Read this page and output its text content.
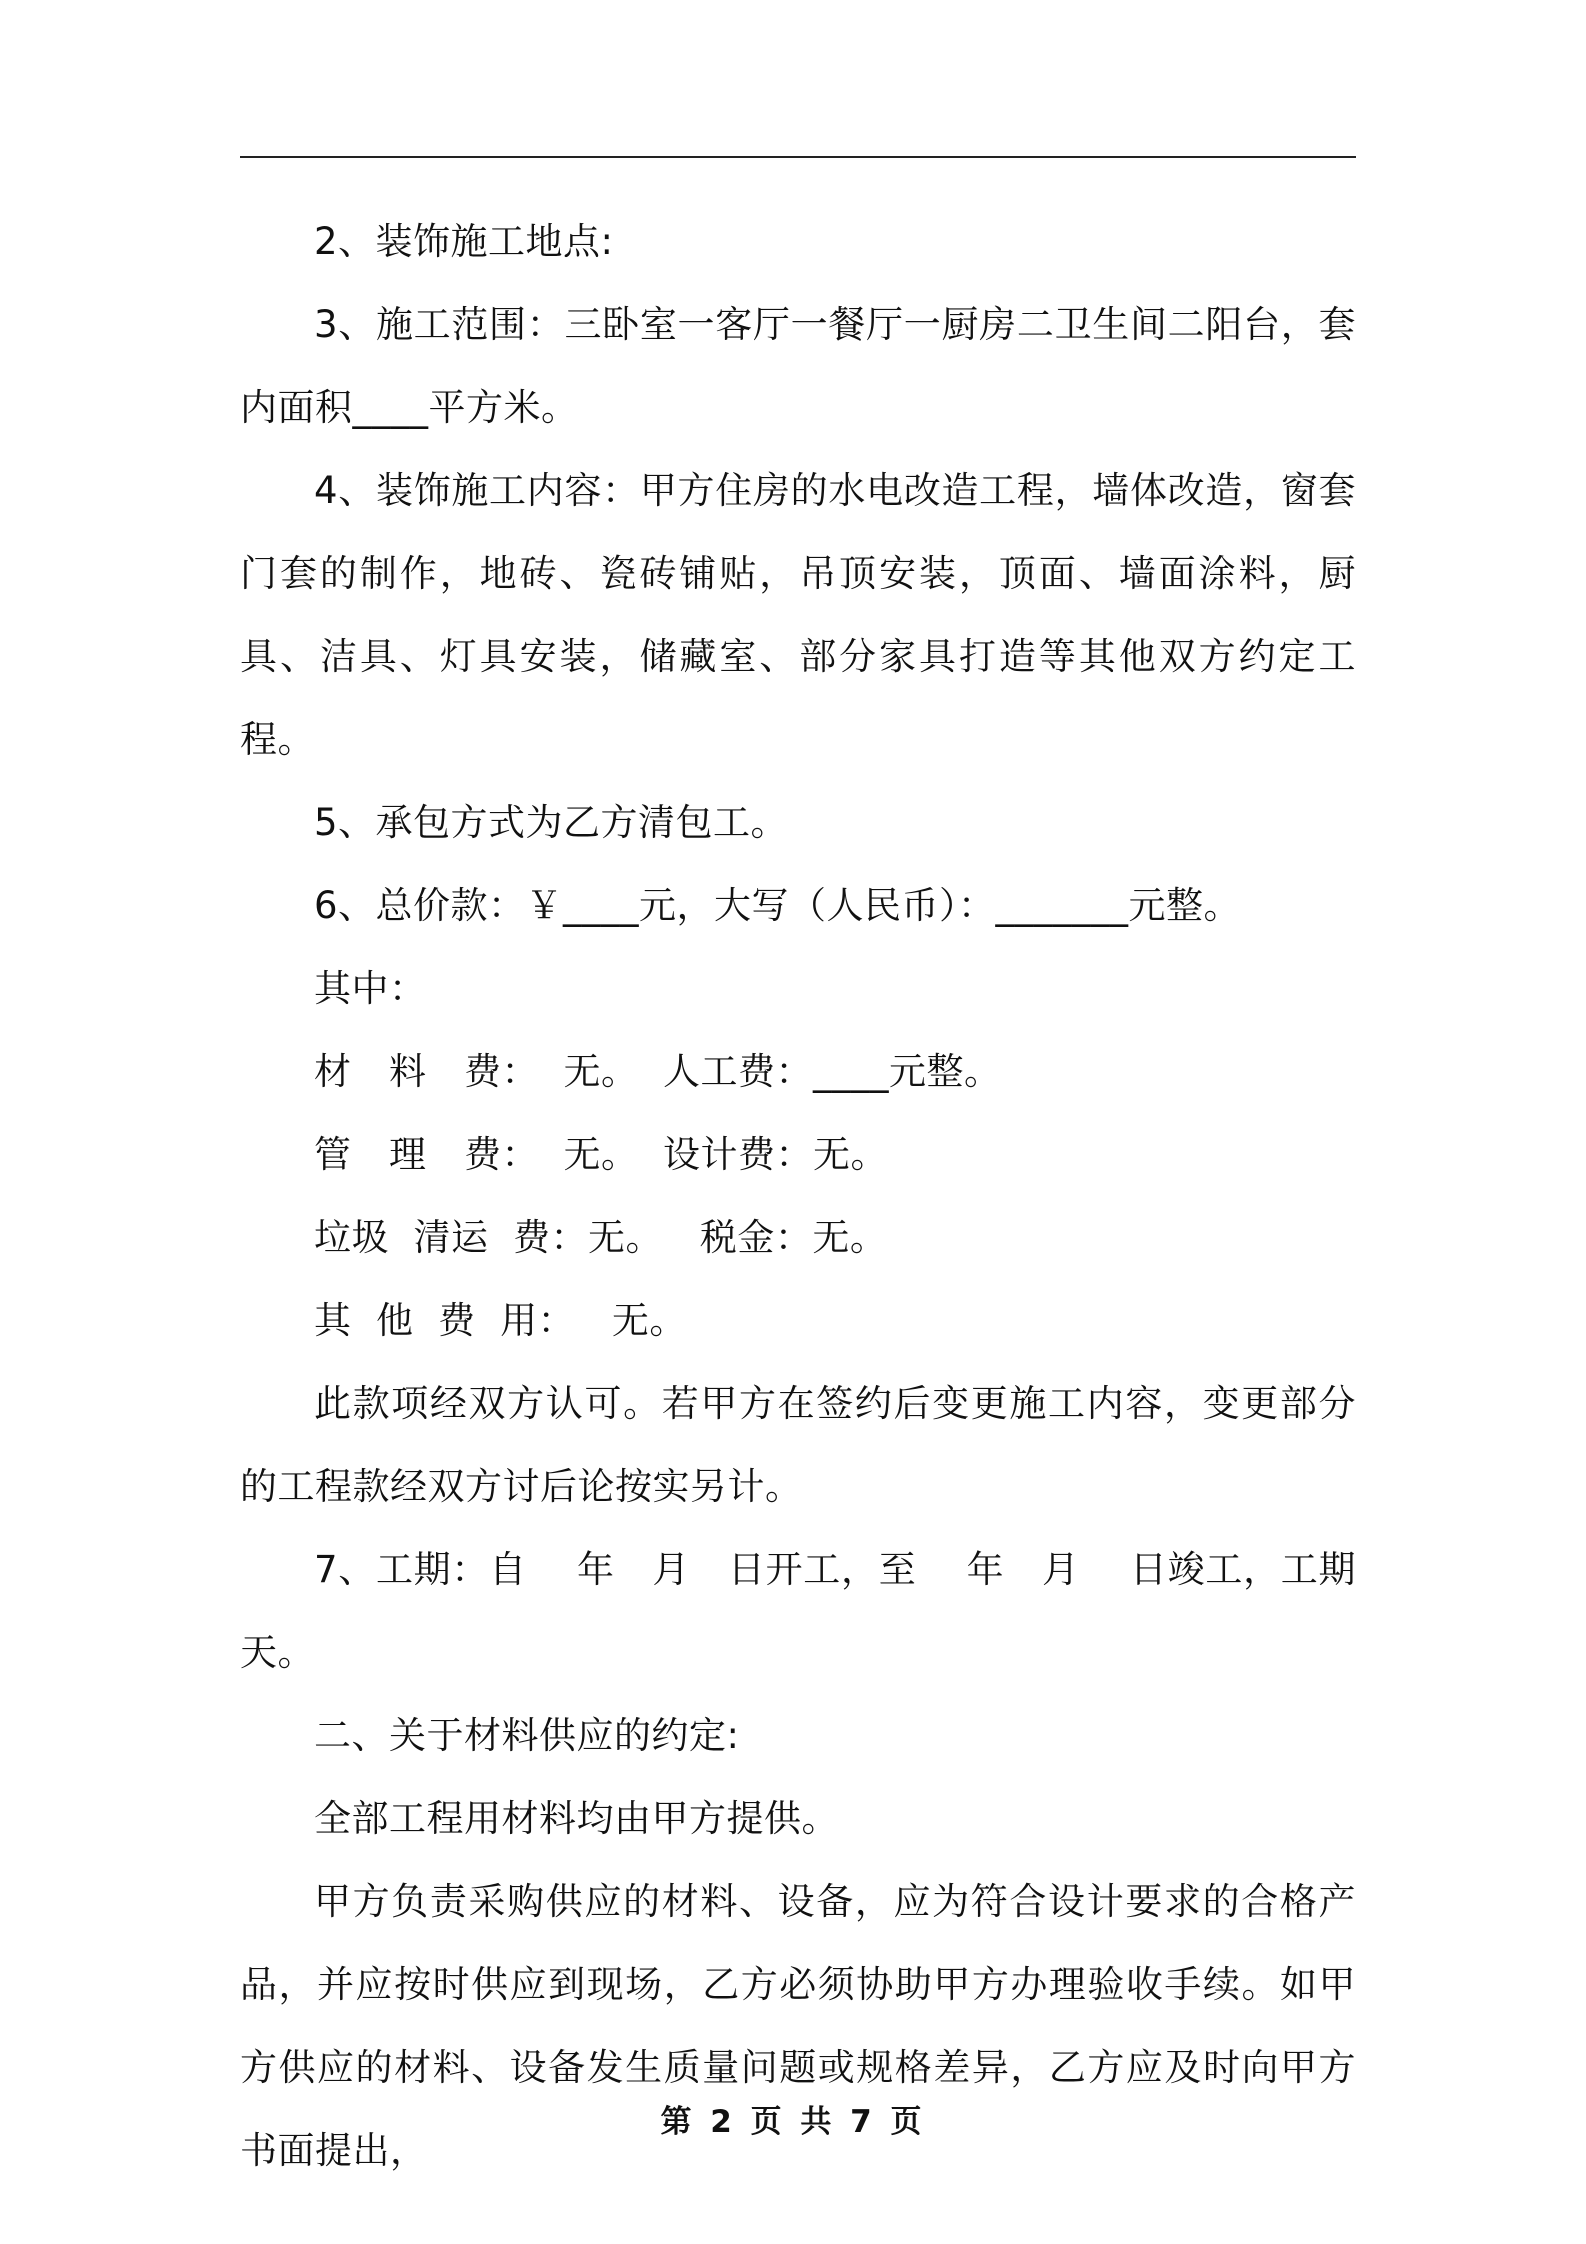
2、装饰施工地点:

3、施工范围：三卧室一客厅一餐厅一厨房二卫生间二阳台，套内面积____平方米。

4、装饰施工内容：甲方住房的水电改造工程，墙体改造，窗套门套的制作，地砖、瓷砖铺贴，吊顶安装，顶面、墙面涂料，厨具、洁具、灯具安装，储藏室、部分家具打造等其他双方约定工程。

5、承包方式为乙方清包工。

6、总价款：￥____元，大写（人民币）：_______元整。

其中：

材　料　费：  无。  人工费：____元整。

管　理　费：  无。  设计费：无。

垃圾  清运  费：无。   税金：无。

其  他  费  用：   无。

此款项经双方认可。若甲方在签约后变更施工内容，变更部分的工程款经双方讨后论按实另计。

7、工期：自　 年　月　日开工，至　 年　月　 日竣工，工期　天。

二、关于材料供应的约定:

全部工程用材料均由甲方提供。

甲方负责采购供应的材料、设备，应为符合设计要求的合格产品，并应按时供应到现场，乙方必须协助甲方办理验收手续。如甲方供应的材料、设备发生质量问题或规格差异，乙方应及时向甲方书面提出，

第 2 页 共 7 页
